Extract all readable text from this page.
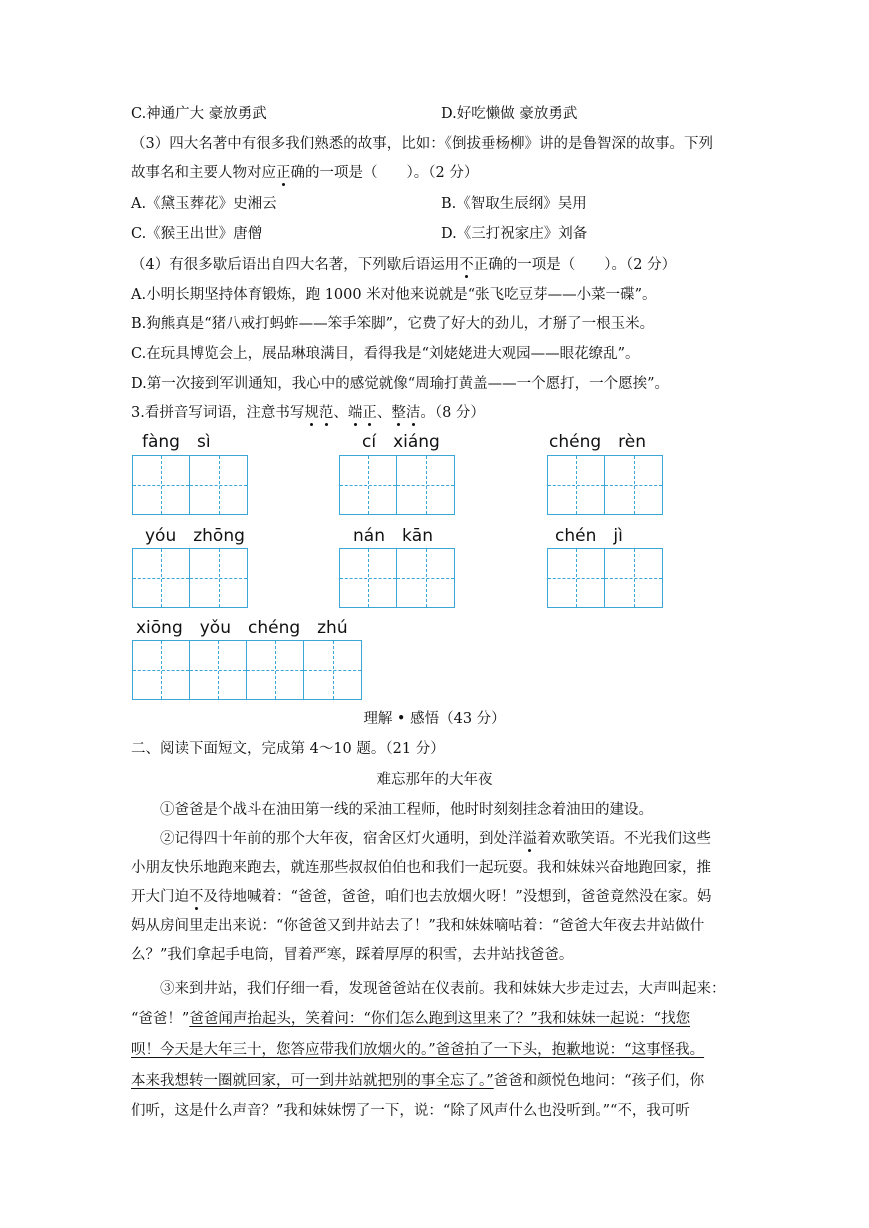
C.神通广大 豪放勇武	D.好吃懒做 豪放勇武
（3）四大名著中有很多我们熟悉的故事，比如：《倒拔垂杨柳》讲的是鲁智深的故事。下列
故事名和主要人物对应正确的一项是（　　）。（2 分）
A.《黛玉葬花》史湘云	B.《智取生辰纲》吴用
C.《猴王出世》唐僧	D.《三打祝家庄》刘备
（4）有很多歇后语出自四大名著，下列歇后语运用不正确的一项是（　　）。（2 分）
A.小明长期坚持体育锻炼，跑 1000 米对他来说就是“张飞吃豆芽——小菜一碟”。
B.狗熊真是“猪八戒打蚂蚱——笨手笨脚”，它费了好大的劲儿，才掰了一根玉米。
C.在玩具博览会上，展品琳琅满目，看得我是“刘姥姥进大观园——眼花缭乱”。
D.第一次接到军训通知，我心中的感觉就像“周瑜打黄盖——一个愿打，一个愿挨”。
3.看拼音写词语，注意书写规范、端正、整洁。（8 分）
fàng　sì	cí　xiáng	chéng　rèn
yóu　zhōng	nán　kān	chén　jì
xiōng　yǒu　chéng　zhú
理解 • 感悟（43 分）
二、阅读下面短文，完成第 4～10 题。（21 分）
难忘那年的大年夜
①爸爸是个战斗在油田第一线的采油工程师，他时时刻刻挂念着油田的建设。
②记得四十年前的那个大年夜，宿舍区灯火通明，到处洋溢着欢歌笑语。不光我们这些
小朋友快乐地跑来跑去，就连那些叔叔伯伯也和我们一起玩耍。我和妹妹兴奋地跑回家，推
开大门迫不及待地喊着：“爸爸，爸爸，咱们也去放烟火呀！”没想到，爸爸竟然没在家。妈
妈从房间里走出来说：“你爸爸又到井站去了！”我和妹妹嘀咕着：“爸爸大年夜去井站做什
么？”我们拿起手电筒，冒着严寒，踩着厚厚的积雪，去井站找爸爸。
③来到井站，我们仔细一看，发现爸爸站在仪表前。我和妹妹大步走过去，大声叫起来：
“爸爸！”爸爸闻声抬起头，笑着问：“你们怎么跑到这里来了？”我和妹妹一起说：“找您
呗！今天是大年三十，您答应带我们放烟火的。”爸爸拍了一下头，抱歉地说：“这事怪我。
本来我想转一圈就回家，可一到井站就把别的事全忘了。”爸爸和颜悦色地问：“孩子们，你
们听，这是什么声音？”我和妹妹愣了一下，说：“除了风声什么也没听到。”“不，我可听
